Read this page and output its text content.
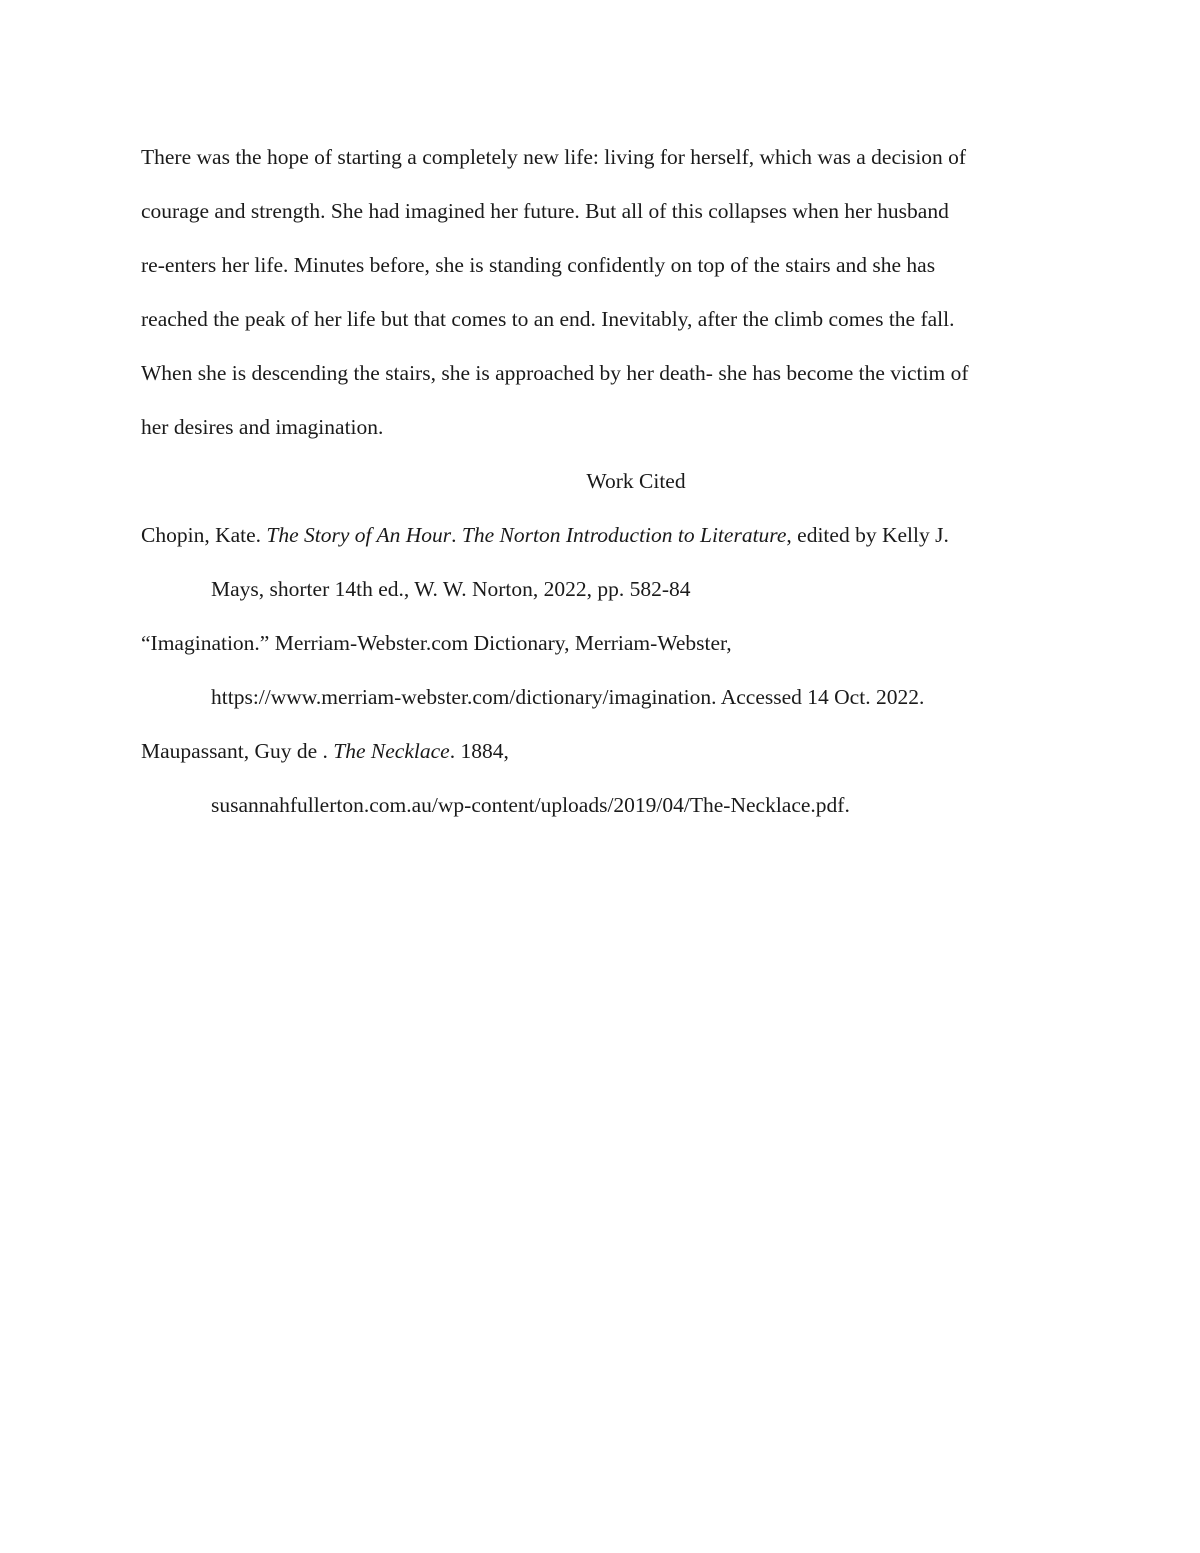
There was the hope of starting a completely new life: living for herself, which was a decision of

courage and strength. She had imagined her future. But all of this collapses when her husband

re-enters her life. Minutes before, she is standing confidently on top of the stairs and she has

reached the peak of her life but that comes to an end. Inevitably, after the climb comes the fall.

When she is descending the stairs, she is approached by her death- she has become the victim of

her desires and imagination.

Work Cited

Chopin, Kate. The Story of An Hour. The Norton Introduction to Literature, edited by Kelly J.
Mays, shorter 14th ed., W. W. Norton, 2022, pp. 582-84
“Imagination.” Merriam-Webster.com Dictionary, Merriam-Webster,
https://www.merriam-webster.com/dictionary/imagination. Accessed 14 Oct. 2022.
Maupassant, Guy de . The Necklace. 1884,
susannahfullerton.com.au/wp-content/uploads/2019/04/The-Necklace.pdf.
